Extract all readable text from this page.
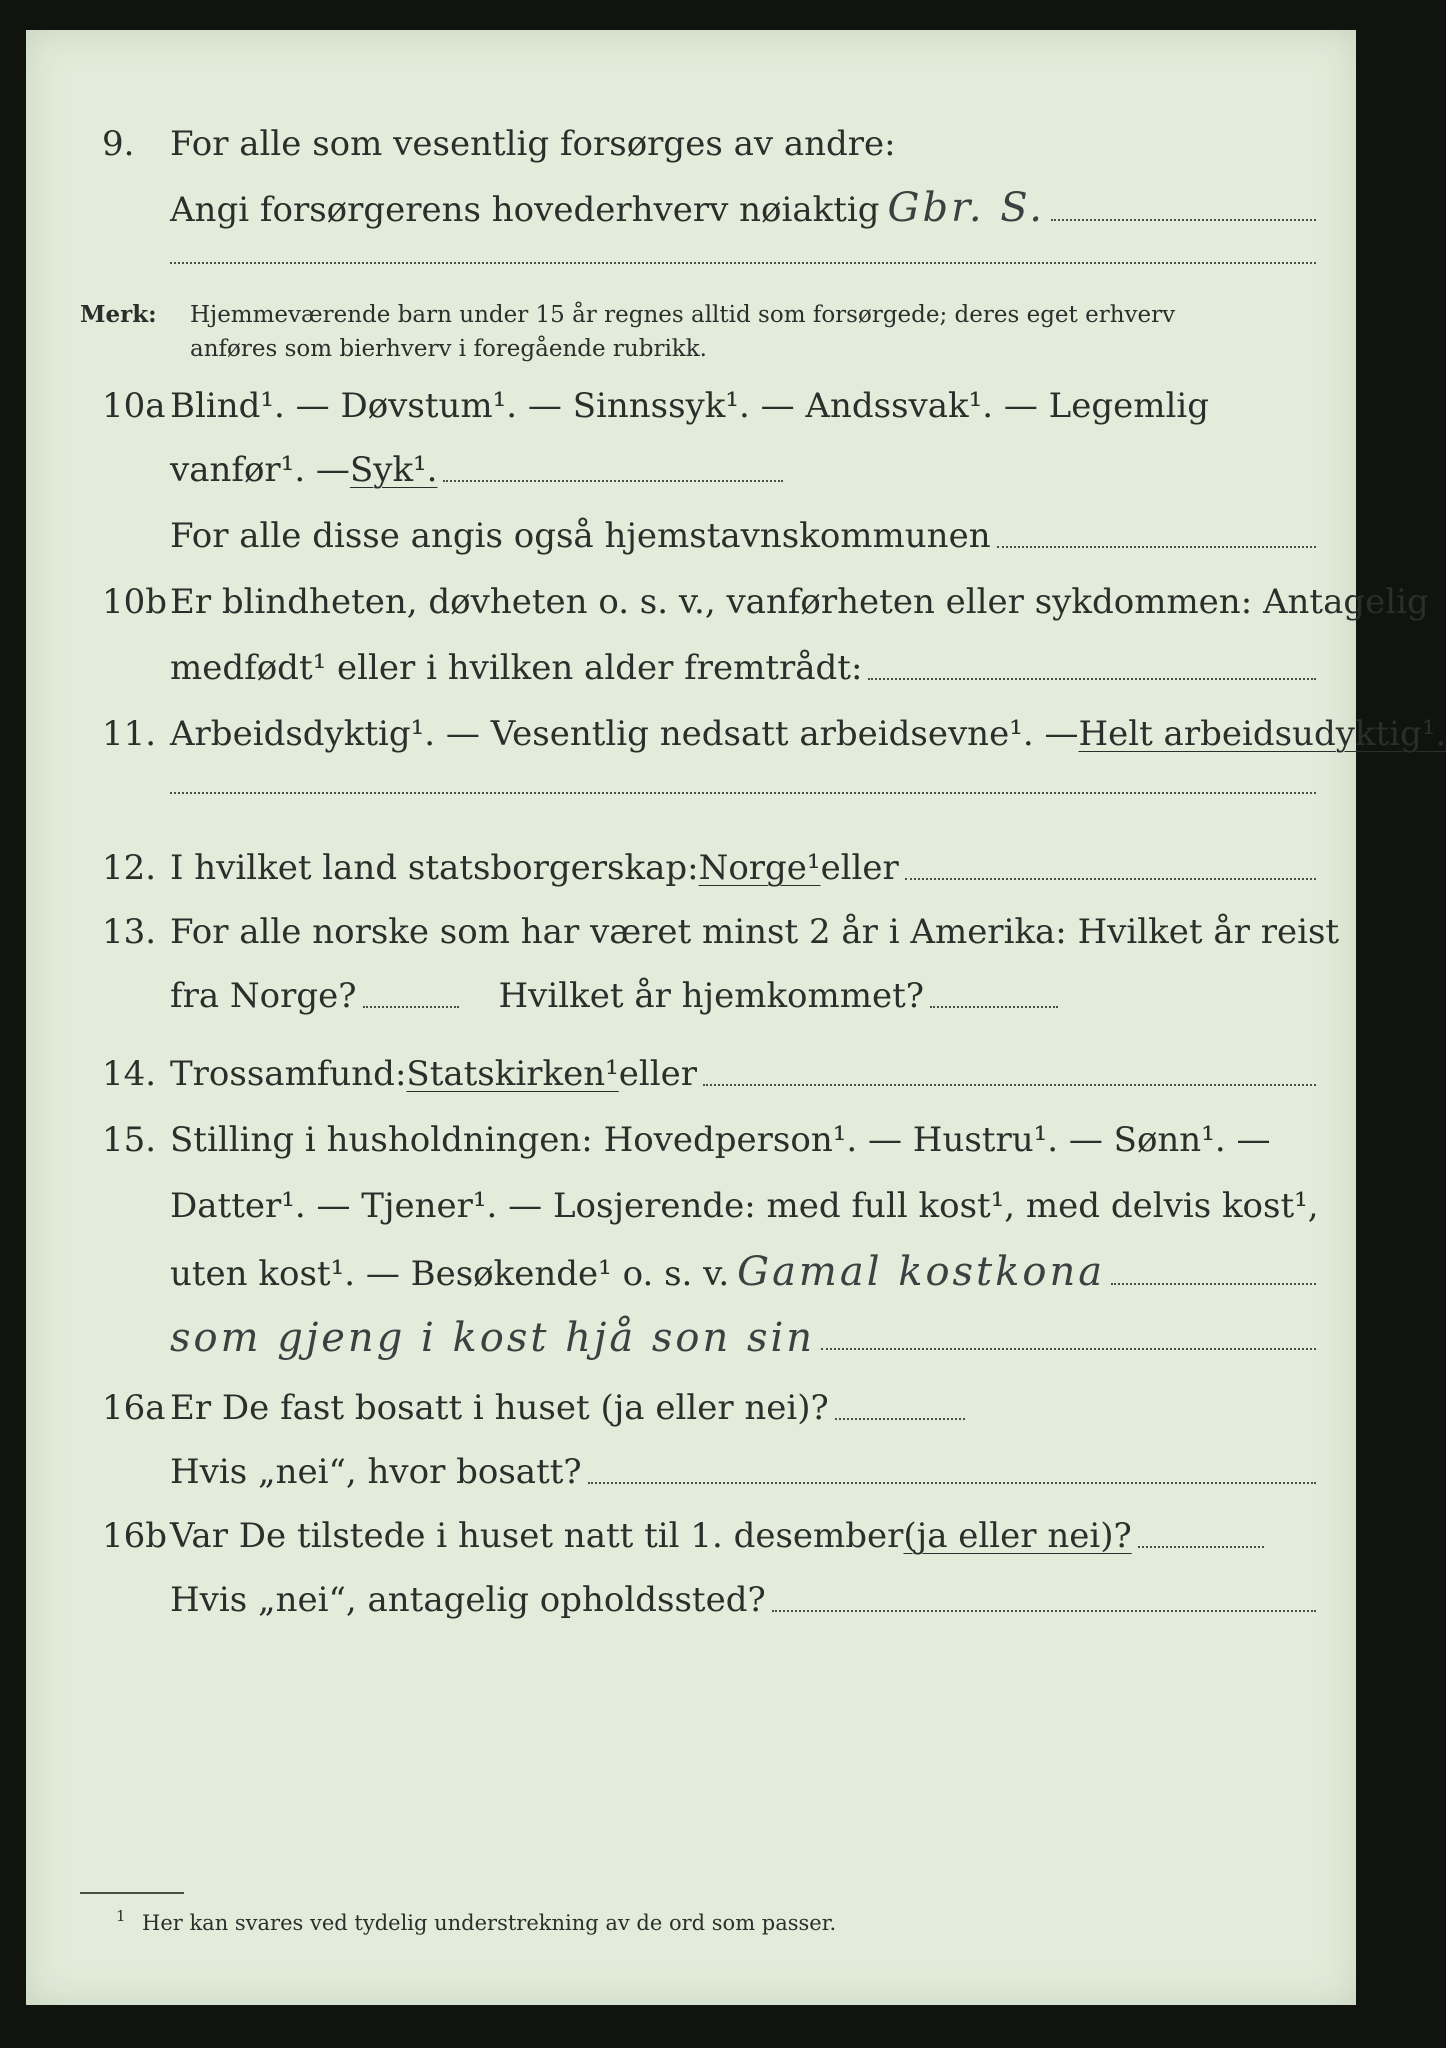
9. For alle som vesentlig forsørges av andre:
Angi forsørgerens hovederhverv nøiaktig Gbr. S.
Merk: Hjemmeværende barn under 15 år regnes alltid som forsørgede; deres eget erhverv
anføres som bierhverv i foregående rubrikk.
10a Blind¹. — Døvstum¹. — Sinnssyk¹. — Andssvak¹. — Legemlig
vanfør¹. — Syk¹.
For alle disse angis også hjemstavnskommunen
10b Er blindheten, døvheten o. s. v., vanførheten eller sykdommen: Antagelig
medfødt¹ eller i hvilken alder fremtrådt:
11. Arbeidsdyktig¹. — Vesentlig nedsatt arbeidsevne¹. — Helt arbeidsudyktig¹.
12. I hvilket land statsborgerskap: Norge¹ eller
13. For alle norske som har været minst 2 år i Amerika: Hvilket år reist
fra Norge?	Hvilket år hjemkommet?
14. Trossamfund: Statskirken¹ eller
15. Stilling i husholdningen: Hovedperson¹. — Hustru¹. — Sønn¹. —
Datter¹. — Tjener¹. — Losjerende: med full kost¹, med delvis kost¹,
uten kost¹. — Besøkende¹ o. s. v. Gamal kostkona
som gjeng i kost hjå son sin
16a Er De fast bosatt i huset (ja eller nei)?
Hvis „nei“, hvor bosatt?
16b Var De tilstede i huset natt til 1. desember (ja eller nei)?
Hvis „nei“, antagelig opholdssted?
1 Her kan svares ved tydelig understrekning av de ord som passer.
